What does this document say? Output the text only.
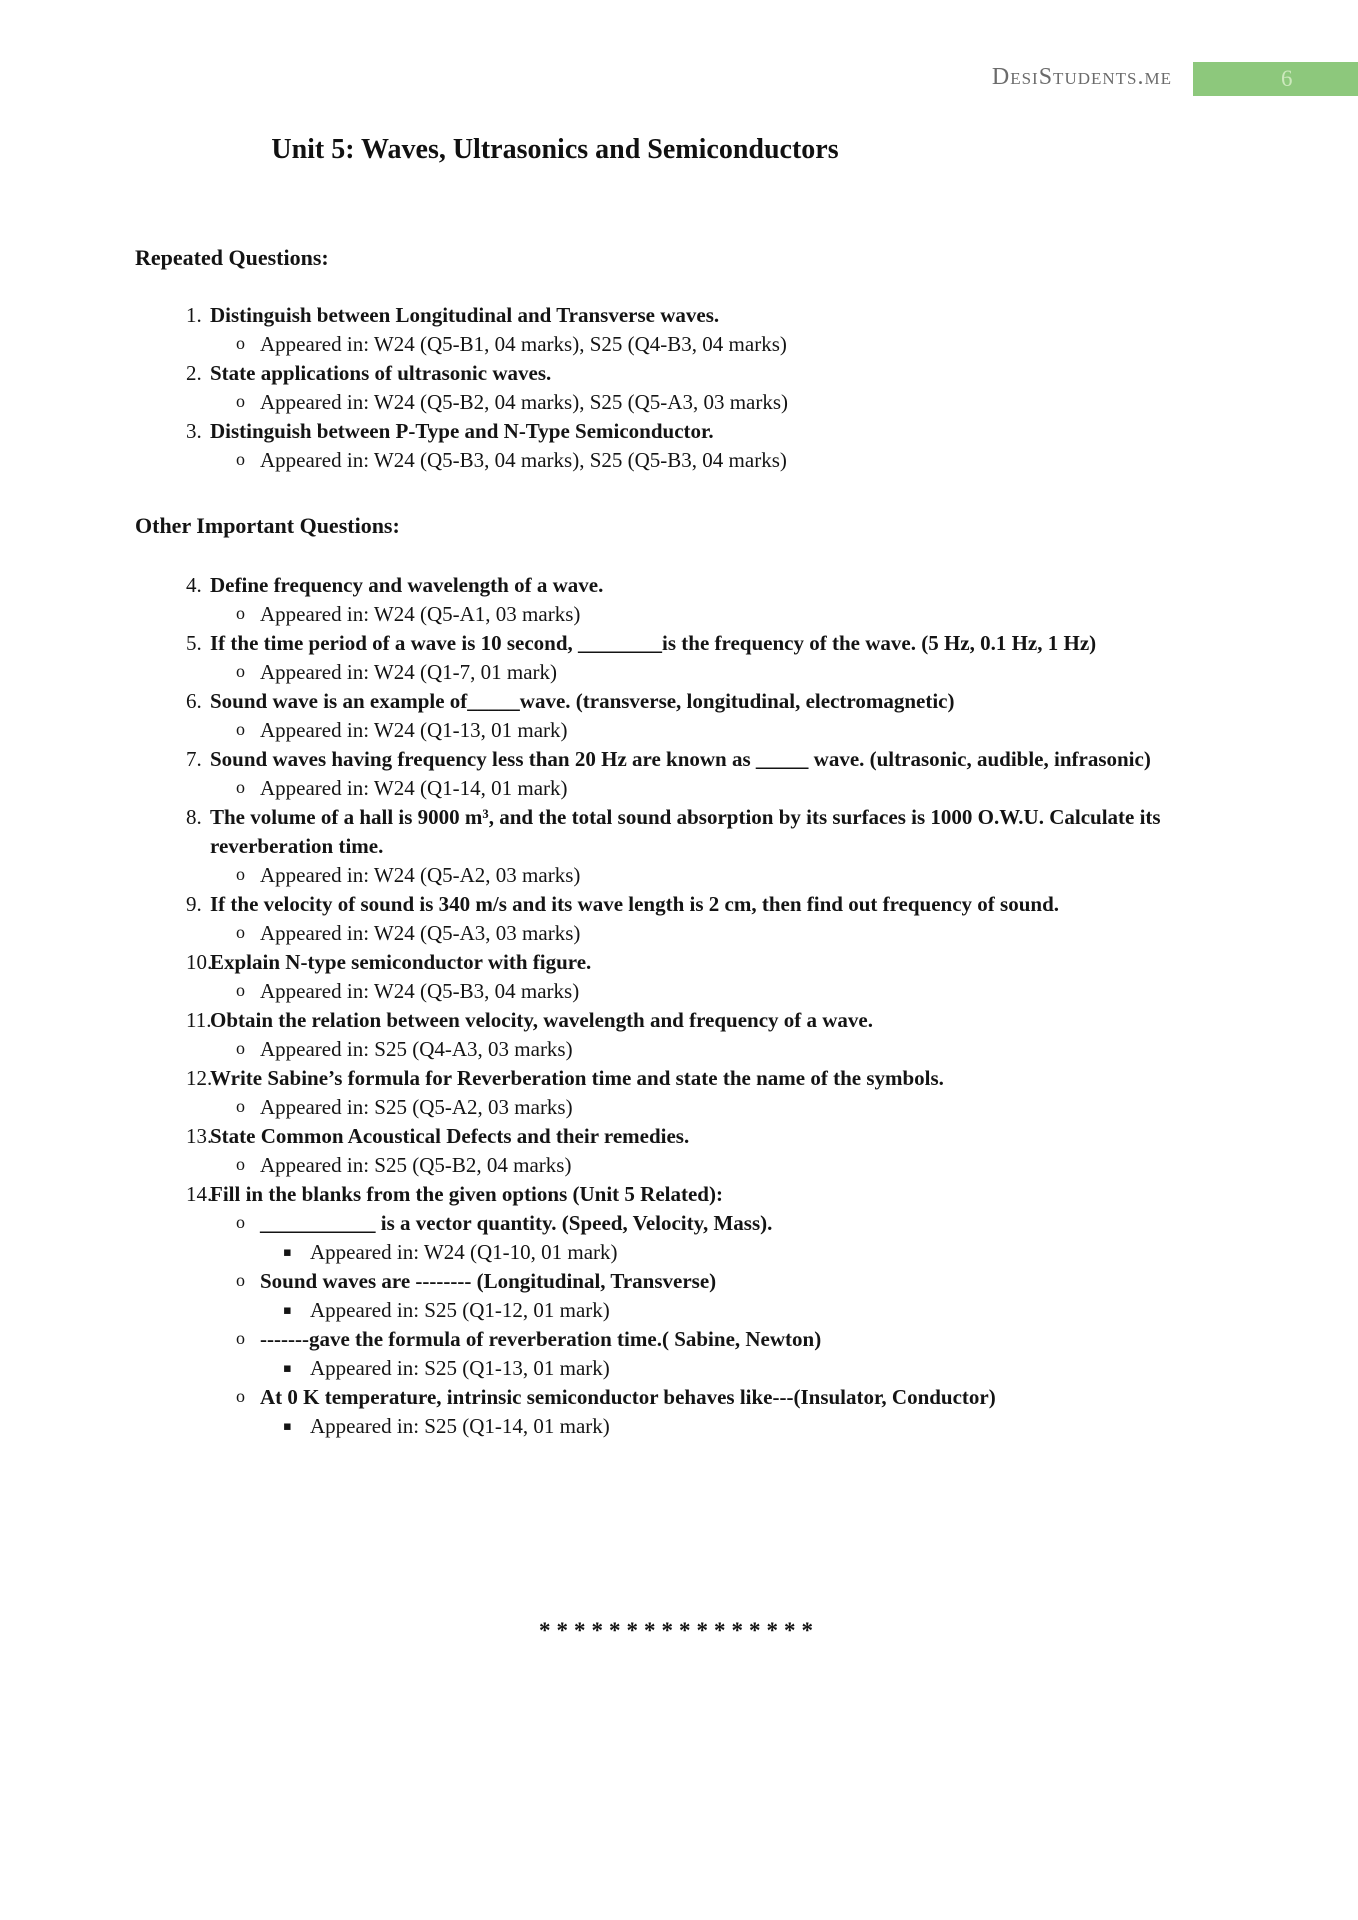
DesiStudents.me	6
Unit 5: Waves, Ultrasonics and Semiconductors
Repeated Questions:
1. Distinguish between Longitudinal and Transverse waves.
o Appeared in: W24 (Q5-B1, 04 marks), S25 (Q4-B3, 04 marks)
2. State applications of ultrasonic waves.
o Appeared in: W24 (Q5-B2, 04 marks), S25 (Q5-A3, 03 marks)
3. Distinguish between P-Type and N-Type Semiconductor.
o Appeared in: W24 (Q5-B3, 04 marks), S25 (Q5-B3, 04 marks)
Other Important Questions:
4. Define frequency and wavelength of a wave.
o Appeared in: W24 (Q5-A1, 03 marks)
5. If the time period of a wave is 10 second, ________is the frequency of the wave. (5 Hz, 0.1 Hz, 1 Hz)
o Appeared in: W24 (Q1-7, 01 mark)
6. Sound wave is an example of_____wave. (transverse, longitudinal, electromagnetic)
o Appeared in: W24 (Q1-13, 01 mark)
7. Sound waves having frequency less than 20 Hz are known as _____ wave. (ultrasonic, audible, infrasonic)
o Appeared in: W24 (Q1-14, 01 mark)
8. The volume of a hall is 9000 m³, and the total sound absorption by its surfaces is 1000 O.W.U. Calculate its reverberation time.
o Appeared in: W24 (Q5-A2, 03 marks)
9. If the velocity of sound is 340 m/s and its wave length is 2 cm, then find out frequency of sound.
o Appeared in: W24 (Q5-A3, 03 marks)
10.
Explain N-type semiconductor with figure.
o Appeared in: W24 (Q5-B3, 04 marks)
11.
Obtain the relation between velocity, wavelength and frequency of a wave.
o Appeared in: S25 (Q4-A3, 03 marks)
12.
Write Sabine’s formula for Reverberation time and state the name of the symbols.
o Appeared in: S25 (Q5-A2, 03 marks)
13.
State Common Acoustical Defects and their remedies.
o Appeared in: S25 (Q5-B2, 04 marks)
14.
Fill in the blanks from the given options (Unit 5 Related):
o ___________ is a vector quantity. (Speed, Velocity, Mass).
▪ Appeared in: W24 (Q1-10, 01 mark)
o Sound waves are -------- (Longitudinal, Transverse)
▪ Appeared in: S25 (Q1-12, 01 mark)
o -------gave the formula of reverberation time.( Sabine, Newton)
▪ Appeared in: S25 (Q1-13, 01 mark)
o At 0 K temperature, intrinsic semiconductor behaves like---(Insulator, Conductor)
▪ Appeared in: S25 (Q1-14, 01 mark)
****************
